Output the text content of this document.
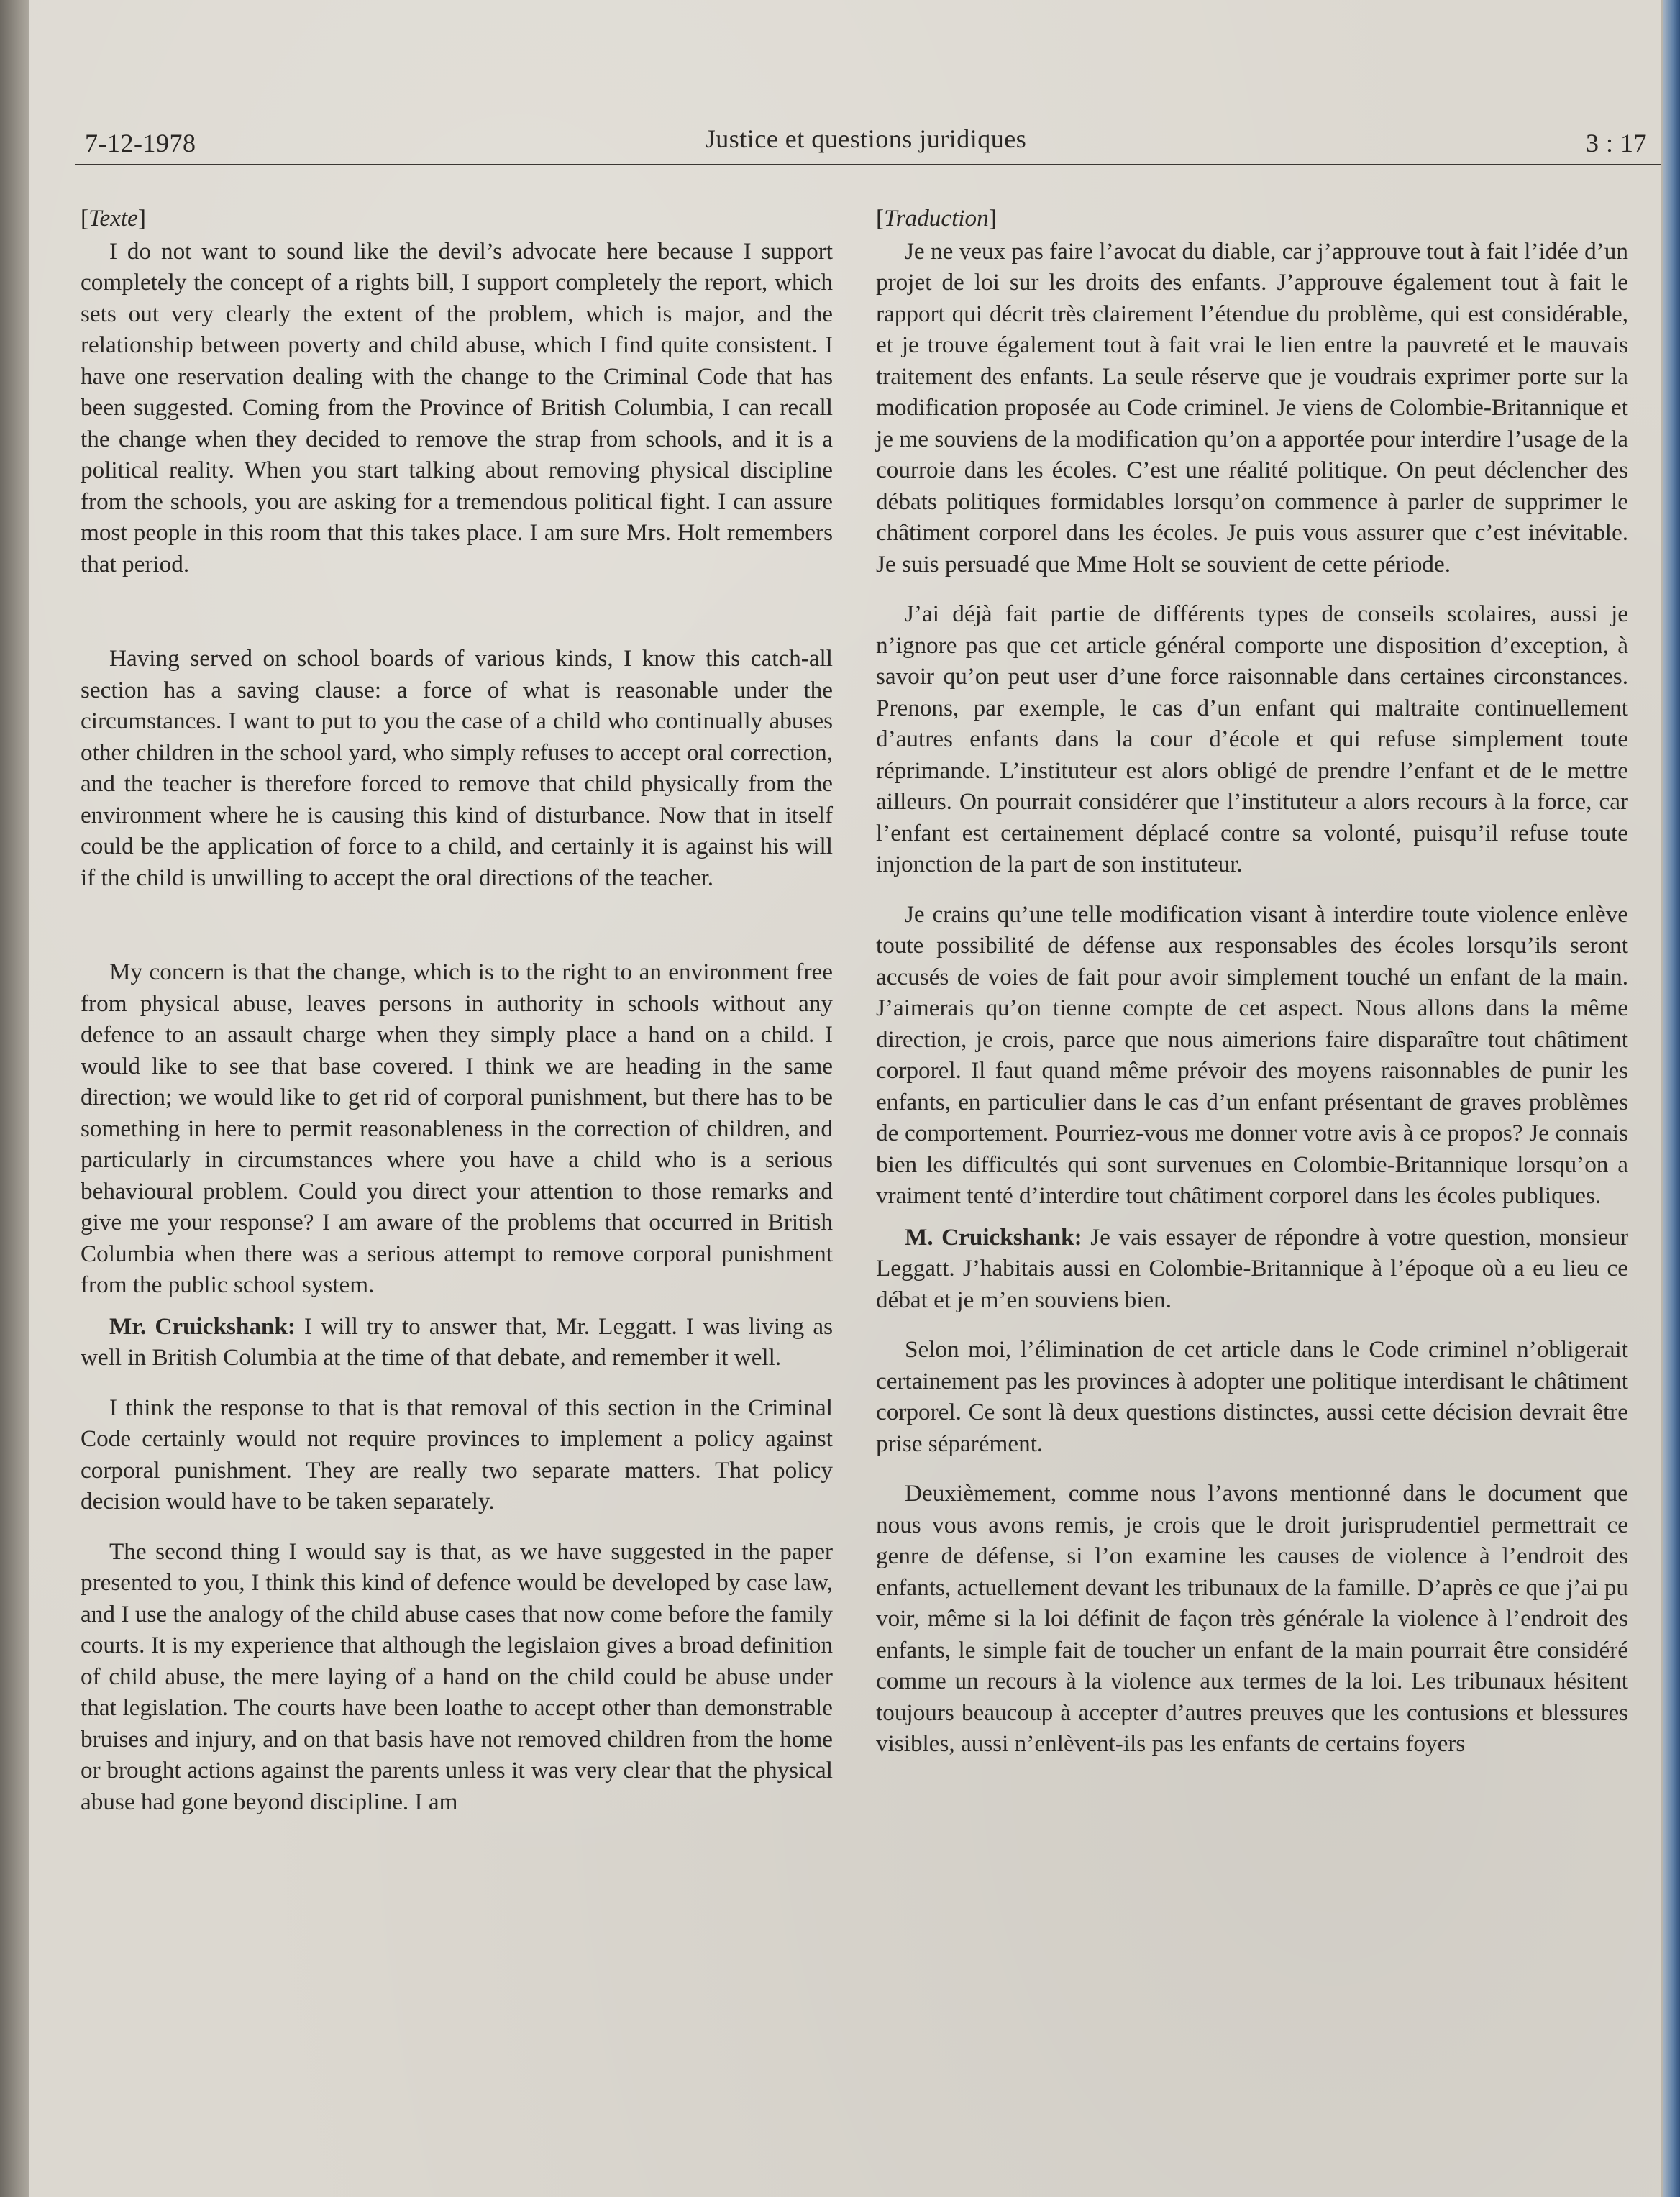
7-12-1978	Justice et questions juridiques	3 : 17

[Texte]

I do not want to sound like the devil’s advocate here because I support completely the concept of a rights bill, I support completely the report, which sets out very clearly the extent of the problem, which is major, and the relationship between poverty and child abuse, which I find quite consistent. I have one reservation dealing with the change to the Criminal Code that has been suggested. Coming from the Province of British Columbia, I can recall the change when they decided to remove the strap from schools, and it is a political reality. When you start talking about removing physical discipline from the schools, you are asking for a tremendous political fight. I can assure most people in this room that this takes place. I am sure Mrs. Holt remembers that period.

Having served on school boards of various kinds, I know this catch-all section has a saving clause: a force of what is reasonable under the circumstances. I want to put to you the case of a child who continually abuses other children in the school yard, who simply refuses to accept oral correction, and the teacher is therefore forced to remove that child physically from the environment where he is causing this kind of disturbance. Now that in itself could be the application of force to a child, and certainly it is against his will if the child is unwilling to accept the oral directions of the teacher.

My concern is that the change, which is to the right to an environment free from physical abuse, leaves persons in authority in schools without any defence to an assault charge when they simply place a hand on a child. I would like to see that base covered. I think we are heading in the same direction; we would like to get rid of corporal punishment, but there has to be something in here to permit reasonableness in the correction of children, and particularly in circumstances where you have a child who is a serious behavioural problem. Could you direct your attention to those remarks and give me your response? I am aware of the problems that occurred in British Columbia when there was a serious attempt to remove corporal punishment from the public school system.

Mr. Cruickshank: I will try to answer that, Mr. Leggatt. I was living as well in British Columbia at the time of that debate, and remember it well.

I think the response to that is that removal of this section in the Criminal Code certainly would not require provinces to implement a policy against corporal punishment. They are really two separate matters. That policy decision would have to be taken separately.

The second thing I would say is that, as we have suggested in the paper presented to you, I think this kind of defence would be developed by case law, and I use the analogy of the child abuse cases that now come before the family courts. It is my experience that although the legislaion gives a broad definition of child abuse, the mere laying of a hand on the child could be abuse under that legislation. The courts have been loathe to accept other than demonstrable bruises and injury, and on that basis have not removed children from the home or brought actions against the parents unless it was very clear that the physical abuse had gone beyond discipline. I am

[Traduction]

Je ne veux pas faire l’avocat du diable, car j’approuve tout à fait l’idée d’un projet de loi sur les droits des enfants. J’approuve également tout à fait le rapport qui décrit très clairement l’étendue du problème, qui est considérable, et je trouve également tout à fait vrai le lien entre la pauvreté et le mauvais traitement des enfants. La seule réserve que je voudrais exprimer porte sur la modification proposée au Code criminel. Je viens de Colombie-Britannique et je me souviens de la modification qu’on a apportée pour interdire l’usage de la courroie dans les écoles. C’est une réalité politique. On peut déclencher des débats politiques formidables lorsqu’on commence à parler de supprimer le châtiment corporel dans les écoles. Je puis vous assurer que c’est inévitable. Je suis persuadé que Mme Holt se souvient de cette période.

J’ai déjà fait partie de différents types de conseils scolaires, aussi je n’ignore pas que cet article général comporte une disposition d’exception, à savoir qu’on peut user d’une force raisonnable dans certaines circonstances. Prenons, par exemple, le cas d’un enfant qui maltraite continuellement d’autres enfants dans la cour d’école et qui refuse simplement toute réprimande. L’instituteur est alors obligé de prendre l’enfant et de le mettre ailleurs. On pourrait considérer que l’instituteur a alors recours à la force, car l’enfant est certainement déplacé contre sa volonté, puisqu’il refuse toute injonction de la part de son instituteur.

Je crains qu’une telle modification visant à interdire toute violence enlève toute possibilité de défense aux responsables des écoles lorsqu’ils seront accusés de voies de fait pour avoir simplement touché un enfant de la main. J’aimerais qu’on tienne compte de cet aspect. Nous allons dans la même direction, je crois, parce que nous aimerions faire disparaître tout châtiment corporel. Il faut quand même prévoir des moyens raisonnables de punir les enfants, en particulier dans le cas d’un enfant présentant de graves problèmes de comportement. Pourriez-vous me donner votre avis à ce propos? Je connais bien les difficultés qui sont survenues en Colombie-Britannique lorsqu’on a vraiment tenté d’interdire tout châtiment corporel dans les écoles publiques.

M. Cruickshank: Je vais essayer de répondre à votre question, monsieur Leggatt. J’habitais aussi en Colombie-Britannique à l’époque où a eu lieu ce débat et je m’en souviens bien.

Selon moi, l’élimination de cet article dans le Code criminel n’obligerait certainement pas les provinces à adopter une politique interdisant le châtiment corporel. Ce sont là deux questions distinctes, aussi cette décision devrait être prise séparément.

Deuxièmement, comme nous l’avons mentionné dans le document que nous vous avons remis, je crois que le droit jurisprudentiel permettrait ce genre de défense, si l’on examine les causes de violence à l’endroit des enfants, actuellement devant les tribunaux de la famille. D’après ce que j’ai pu voir, même si la loi définit de façon très générale la violence à l’endroit des enfants, le simple fait de toucher un enfant de la main pourrait être considéré comme un recours à la violence aux termes de la loi. Les tribunaux hésitent toujours beaucoup à accepter d’autres preuves que les contusions et blessures visibles, aussi n’enlèvent-ils pas les enfants de certains foyers
